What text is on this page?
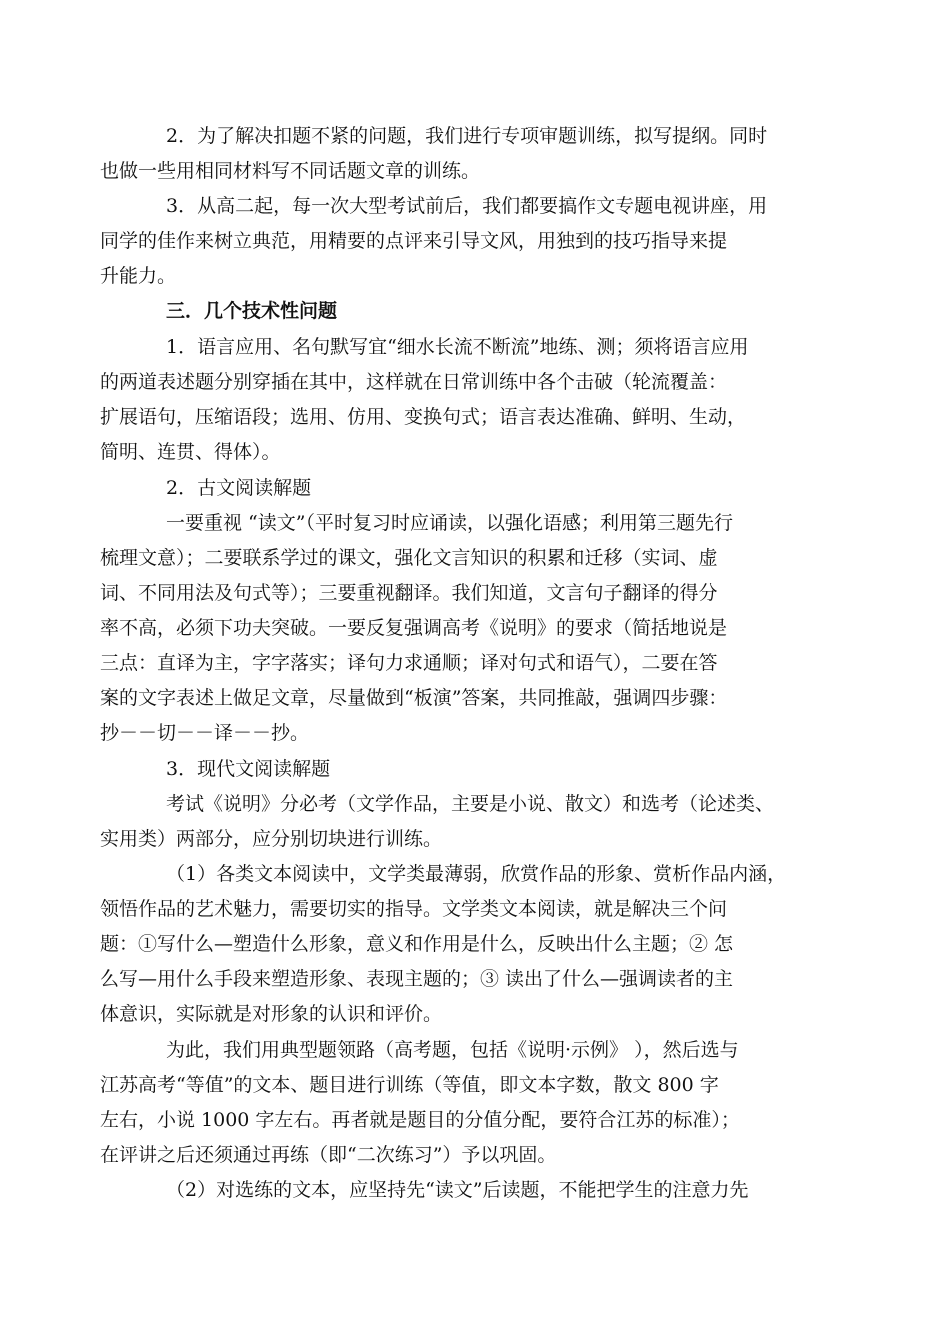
2．为了解决扣题不紧的问题，我们进行专项审题训练，拟写提纲。同时
也做一些用相同材料写不同话题文章的训练。
3．从高二起，每一次大型考试前后，我们都要搞作文专题电视讲座，用
同学的佳作来树立典范，用精要的点评来引导文风，用独到的技巧指导来提
升能力。
三．几个技术性问题
1．语言应用、名句默写宜“细水长流不断流”地练、测；须将语言应用
的两道表述题分别穿插在其中，这样就在日常训练中各个击破（轮流覆盖：
扩展语句，压缩语段；选用、仿用、变换句式；语言表达准确、鲜明、生动，
简明、连贯、得体）。
2．古文阅读解题
一要重视 “读文”（平时复习时应诵读，以强化语感；利用第三题先行
梳理文意）；二要联系学过的课文，强化文言知识的积累和迁移（实词、虚
词、不同用法及句式等）；三要重视翻译。我们知道，文言句子翻译的得分
率不高，必须下功夫突破。一要反复强调高考《说明》的要求（简括地说是
三点：直译为主，字字落实；译句力求通顺；译对句式和语气），二要在答
案的文字表述上做足文章，尽量做到“板演”答案，共同推敲，强调四步骤：
抄－－切－－译－－抄。
3．现代文阅读解题
考试《说明》分必考（文学作品，主要是小说、散文）和选考（论述类、
实用类）两部分，应分别切块进行训练。
（1）各类文本阅读中，文学类最薄弱，欣赏作品的形象、赏析作品内涵，
领悟作品的艺术魅力，需要切实的指导。文学类文本阅读，就是解决三个问
题：①写什么—塑造什么形象，意义和作用是什么，反映出什么主题；② 怎
么写—用什么手段来塑造形象、表现主题的；③ 读出了什么—强调读者的主
体意识，实际就是对形象的认识和评价。
为此，我们用典型题领路（高考题，包括《说明·示例》 ），然后选与
江苏高考“等值”的文本、题目进行训练（等值，即文本字数，散文 800 字
左右，小说 1000 字左右。再者就是题目的分值分配，要符合江苏的标准）；
在评讲之后还须通过再练（即“二次练习”）予以巩固。
（2）对选练的文本，应坚持先“读文”后读题，不能把学生的注意力先
